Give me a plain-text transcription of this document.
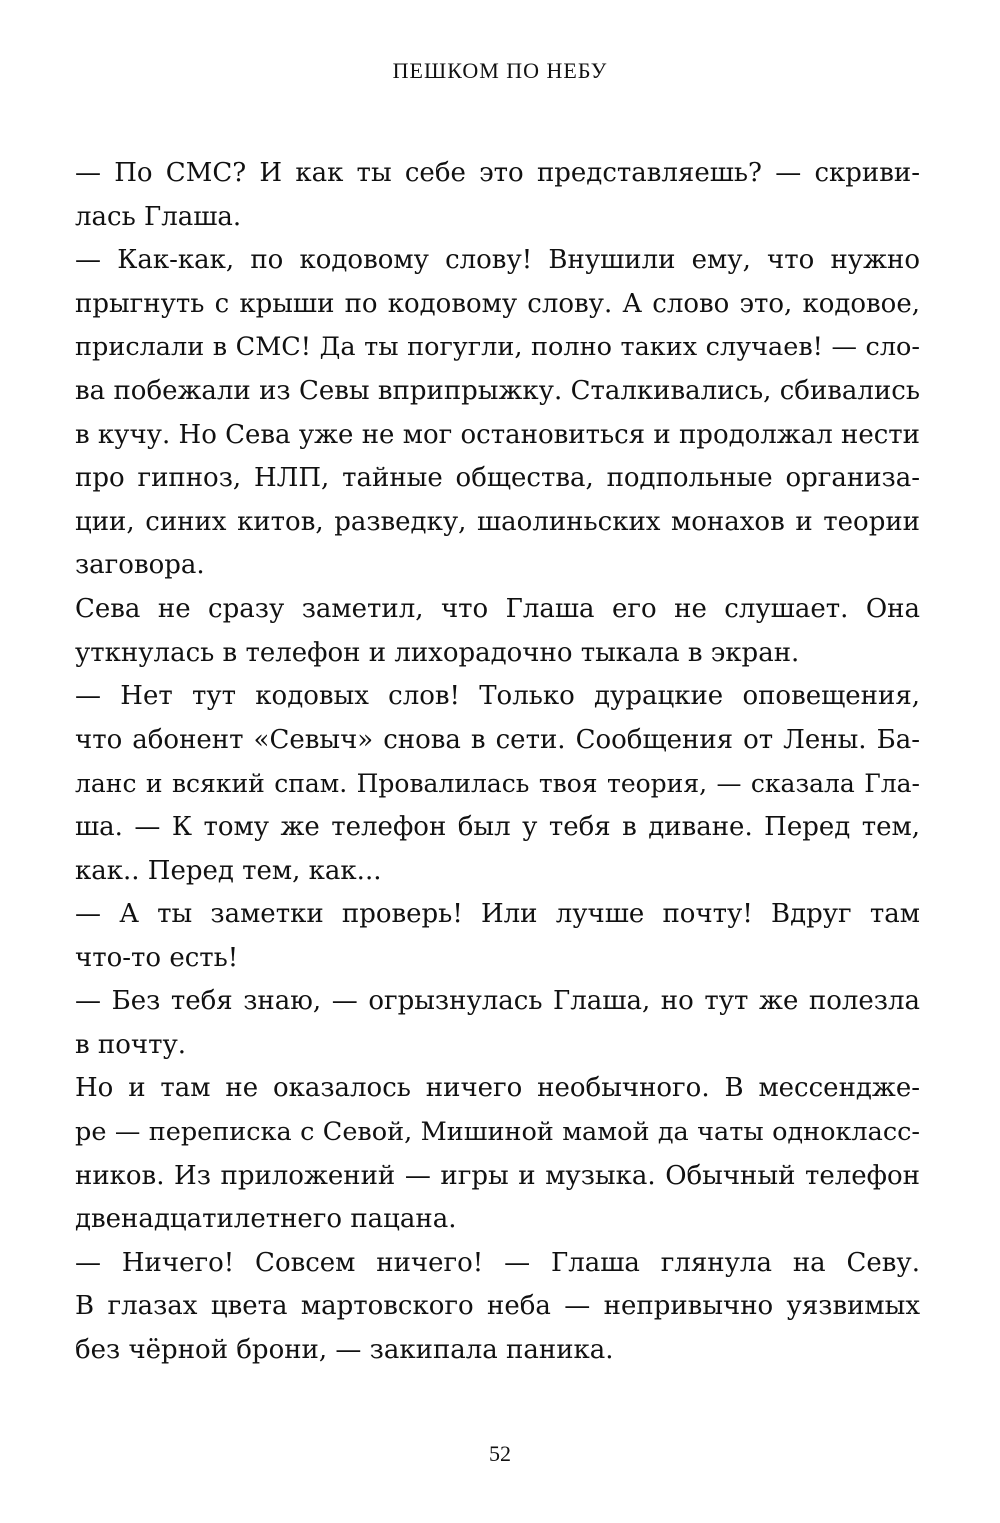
ПЕШКОМ ПО НЕБУ
— По СМС? И как ты себе это представляешь? — скриви-
лась Глаша.
— Как-как, по кодовому слову! Внушили ему, что нужно
прыгнуть с крыши по кодовому слову. А слово это, кодовое,
прислали в СМС! Да ты погугли, полно таких случаев! — сло-
ва побежали из Севы вприпрыжку. Сталкивались, сбивались
в кучу. Но Сева уже не мог остановиться и продолжал нести
про гипноз, НЛП, тайные общества, подпольные организа-
ции, синих китов, разведку, шаолиньских монахов и теории
заговора.
Сева не сразу заметил, что Глаша его не слушает. Она
уткнулась в телефон и лихорадочно тыкала в экран.
— Нет тут кодовых слов! Только дурацкие оповещения,
что абонент «Севыч» снова в сети. Сообщения от Лены. Ба-
ланс и всякий спам. Провалилась твоя теория, — сказала Гла-
ша. — К тому же телефон был у тебя в диване. Перед тем,
как.. Перед тем, как...
— А ты заметки проверь! Или лучше почту! Вдруг там
что-то есть!
— Без тебя знаю, — огрызнулась Глаша, но тут же полезла
в почту.
Но и там не оказалось ничего необычного. В мессендже-
ре — переписка с Севой, Мишиной мамой да чаты однокласс-
ников. Из приложений — игры и музыка. Обычный телефон
двенадцатилетнего пацана.
— Ничего! Совсем ничего! — Глаша глянула на Севу.
В глазах цвета мартовского неба — непривычно уязвимых
без чёрной брони, — закипала паника.
52
